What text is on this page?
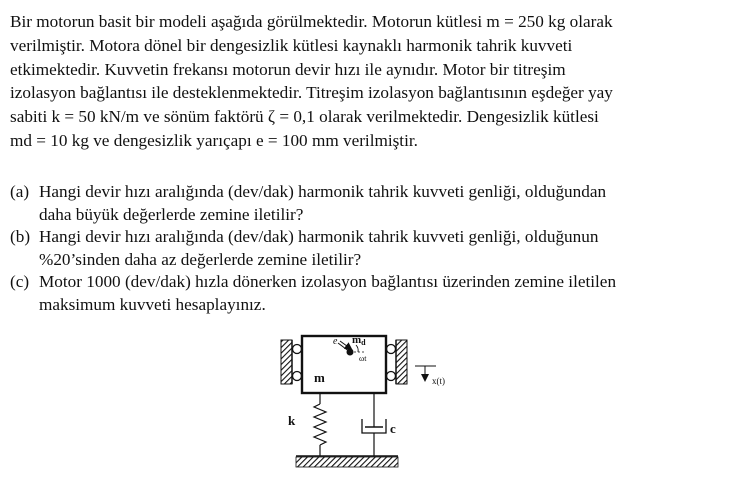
Bir motorun basit bir modeli aşağıda görülmektedir. Motorun kütlesi m = 250 kg olarak
verilmiştir. Motora dönel bir dengesizlik kütlesi kaynaklı harmonik tahrik kuvveti
etkimektedir. Kuvvetin frekansı motorun devir hızı ile aynıdır. Motor bir titreşim
izolasyon bağlantısı ile desteklenmektedir. Titreşim izolasyon bağlantısının eşdeğer yay
sabiti k = 50 kN/m ve sönüm faktörü ζ = 0,1 olarak verilmektedir. Dengesizlik kütlesi
md = 10 kg ve dengesizlik yarıçapı e = 100 mm verilmiştir.
(a) Hangi devir hızı aralığında (dev/dak) harmonik tahrik kuvveti genliği, olduğundan
daha büyük değerlerde zemine iletilir?
(b) Hangi devir hızı aralığında (dev/dak) harmonik tahrik kuvveti genliği, olduğunun
%20’sinden daha az değerlerde zemine iletilir?
(c) Motor 1000 (dev/dak) hızla dönerken izolasyon bağlantısı üzerinden zemine iletilen
maksimum kuvveti hesaplayınız.
m
e md
ωt
x(t)
k
c
